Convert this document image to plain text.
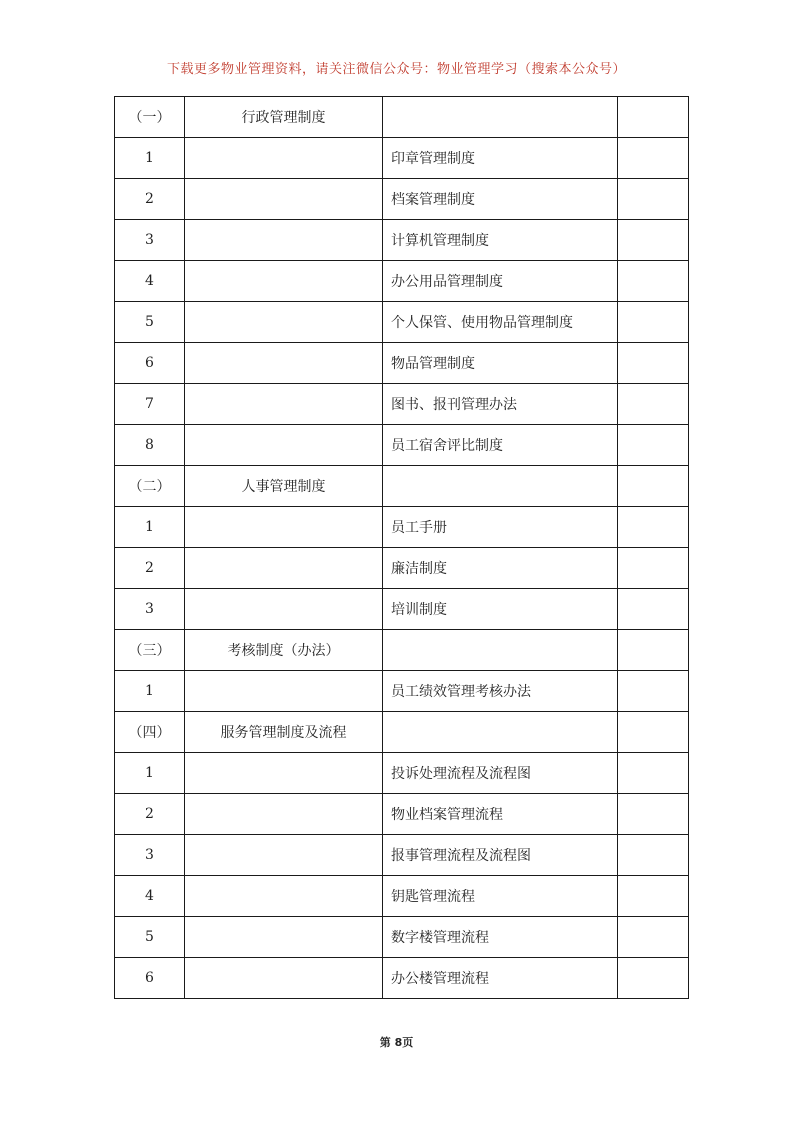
下载更多物业管理资料，请关注微信公众号：物业管理学习（搜索本公众号）
（一）	行政管理制度		
1		印章管理制度	
2		档案管理制度	
3		计算机管理制度	
4		办公用品管理制度	
5		个人保管、使用物品管理制度	
6		物品管理制度	
7		图书、报刊管理办法	
8		员工宿舍评比制度	
（二）	人事管理制度		
1		员工手册	
2		廉洁制度	
3		培训制度	
（三）	考核制度（办法）		
1		员工绩效管理考核办法	
（四）	服务管理制度及流程		
1		投诉处理流程及流程图	
2		物业档案管理流程	
3		报事管理流程及流程图	
4		钥匙管理流程	
5		数字楼管理流程	
6		办公楼管理流程	
第 8页
